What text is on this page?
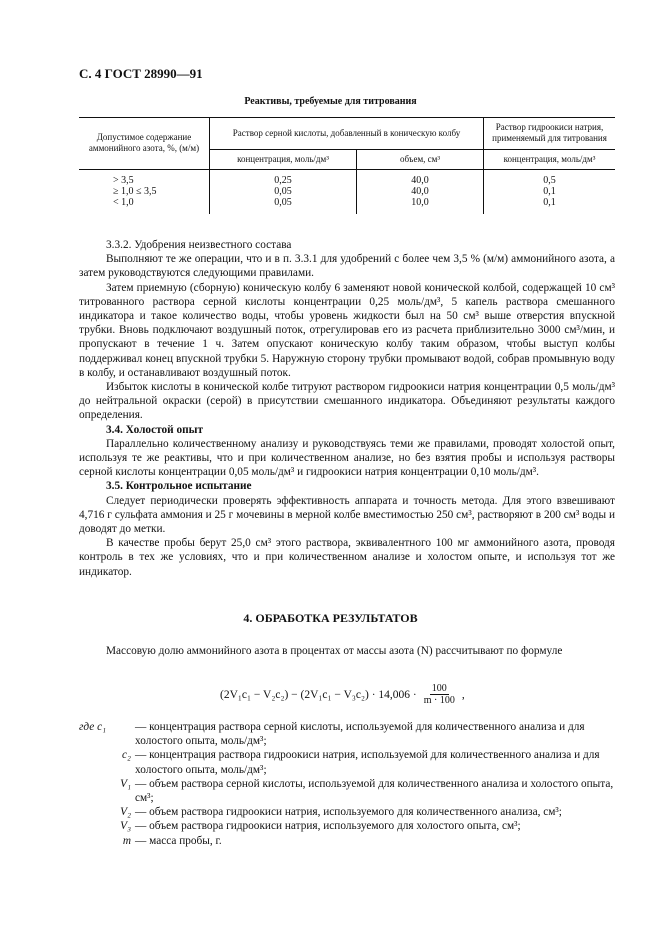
С. 4 ГОСТ 28990—91
Реактивы, требуемые для титрования
Допустимое содержание аммонийного азота, %, (м/м)	Раствор серной кислоты, добавленный в коническую колбу		Раствор гидроокиси натрия, применяемый для титрования
	концентрация, моль/дм³	объем, см³	концентрация, моль/дм³
> 3,5	0,25	40,0	0,5
≥ 1,0 ≤ 3,5	0,05	40,0	0,1
< 1,0	0,05	10,0	0,1

3.3.2. Удобрения неизвестного состава

Выполняют те же операции, что и в п. 3.3.1 для удобрений с более чем 3,5 % (м/м) аммонийного азота, а затем руководствуются следующими правилами.

Затем приемную (сборную) коническую колбу 6 заменяют новой конической колбой, содержащей 10 см³ титрованного раствора серной кислоты концентрации 0,25 моль/дм³, 5 капель раствора смешанного индикатора и такое количество воды, чтобы уровень жидкости был на 50 см³ выше отверстия впускной трубки. Вновь подключают воздушный поток, отрегулировав его из расчета приблизительно 3000 см³/мин, и пропускают в течение 1 ч. Затем опускают коническую колбу таким образом, чтобы выступ колбы поддерживал конец впускной трубки 5. Наружную сторону трубки промывают водой, собрав промывную воду в колбу, и останавливают воздушный поток.

Избыток кислоты в конической колбе титруют раствором гидроокиси натрия концентрации 0,5 моль/дм³ до нейтральной окраски (серой) в присутствии смешанного индикатора. Объединяют результаты каждого определения.

3.4. Холостой опыт

Параллельно количественному анализу и руководствуясь теми же правилами, проводят холостой опыт, используя те же реактивы, что и при количественном анализе, но без взятия пробы и используя растворы серной кислоты концентрации 0,05 моль/дм³ и гидроокиси натрия концентрации 0,10 моль/дм³.

3.5. Контрольное испытание

Следует периодически проверять эффективность аппарата и точность метода. Для этого взвешивают 4,716 г сульфата аммония и 25 г мочевины в мерной колбе вместимостью 250 см³, растворяют в 200 см³ воды и доводят до метки.

В качестве пробы берут 25,0 см³ этого раствора, эквивалентного 100 мг аммонийного азота, проводя контроль в тех же условиях, что и при количественном анализе и холостом опыте, и используя тот же индикатор.

4. ОБРАБОТКА РЕЗУЛЬТАТОВ
Массовую долю аммонийного азота в процентах от массы азота (N) рассчитывают по формуле
$(2V_1c_1 - V_2c_2) - (2V_1c_1 - V_3c_2) \cdot 14,006 \cdot \frac{100}{m \cdot 100}$ ,
где c₁	— концентрация раствора серной кислоты, используемой для количественного анализа и для холостого опыта, моль/дм³;
c₂ — концентрация раствора гидроокиси натрия, используемой для количественного анализа и для холостого опыта, моль/дм³;
V₁ — объем раствора серной кислоты, используемой для количественного анализа и холостого опыта, см³;
V₂ — объем раствора гидроокиси натрия, используемого для количественного анализа, см³;
V₃ — объем раствора гидроокиси натрия, используемого для холостого опыта, см³;
m — масса пробы, г.
